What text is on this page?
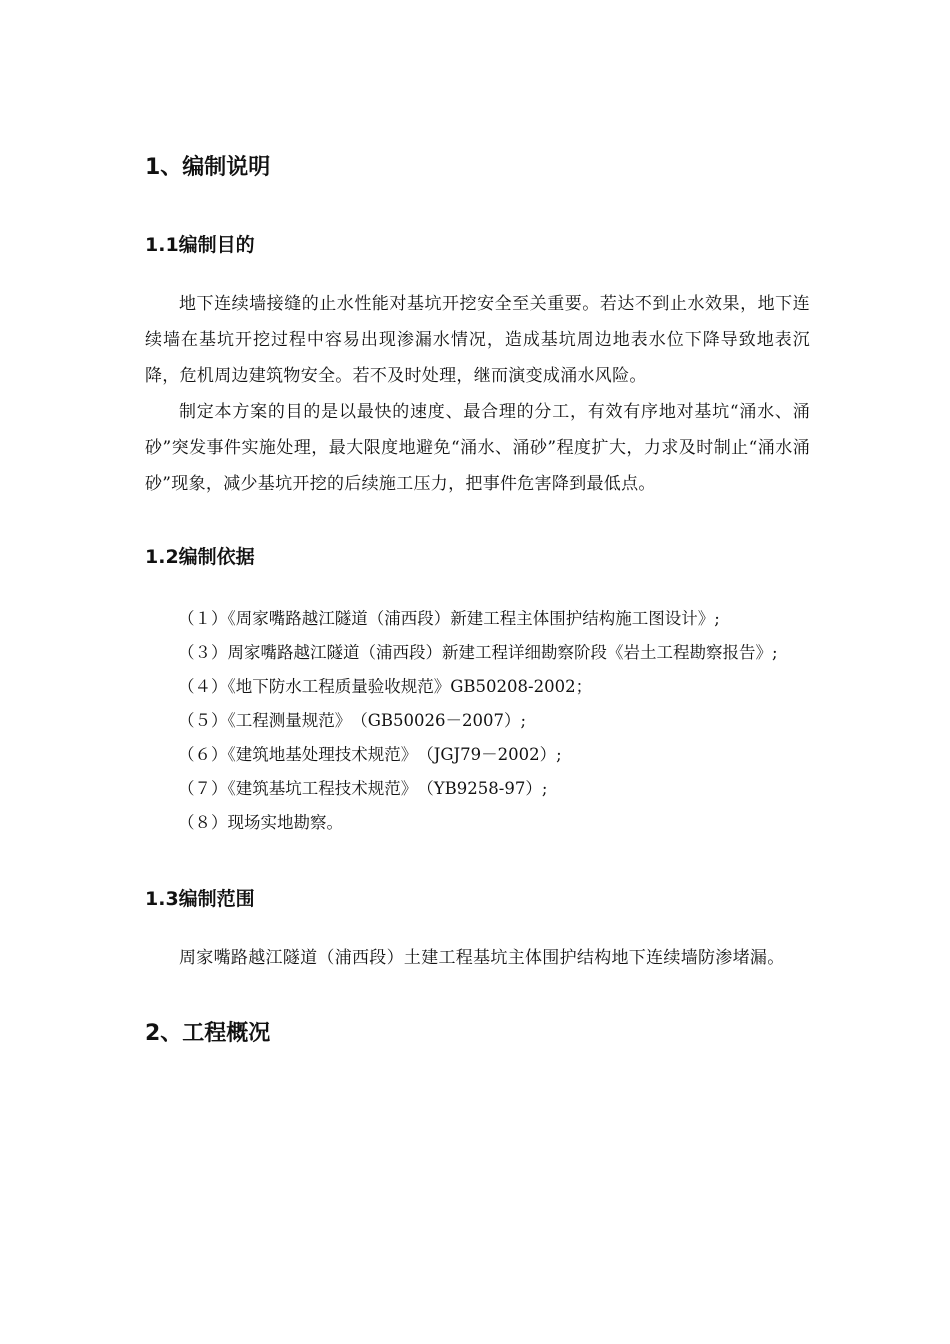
1、编制说明
1.1编制目的

地下连续墙接缝的止水性能对基坑开挖安全至关重要。若达不到止水效果，地下连续墙在基坑开挖过程中容易出现渗漏水情况，造成基坑周边地表水位下降导致地表沉降，危机周边建筑物安全。若不及时处理，继而演变成涌水风险。

制定本方案的目的是以最快的速度、最合理的分工，有效有序地对基坑“涌水、涌砂”突发事件实施处理，最大限度地避免“涌水、涌砂”程度扩大，力求及时制止“涌水涌砂”现象，减少基坑开挖的后续施工压力，把事件危害降到最低点。

1.2编制依据

（１）《周家嘴路越江隧道（浦西段）新建工程主体围护结构施工图设计》;

（３）周家嘴路越江隧道（浦西段）新建工程详细勘察阶段《岩土工程勘察报告》;

（４）《地下防水工程质量验收规范》GB50208-2002；

（５）《工程测量规范》　（GB50026－2007）;

（６）《建筑地基处理技术规范》　（JGJ79－2002）;

（７）《建筑基坑工程技术规范》　（YB9258-97）;

（８）现场实地勘察。

1.3编制范围

周家嘴路越江隧道（浦西段）土建工程基坑主体围护结构地下连续墙防渗堵漏。

2、工程概况
